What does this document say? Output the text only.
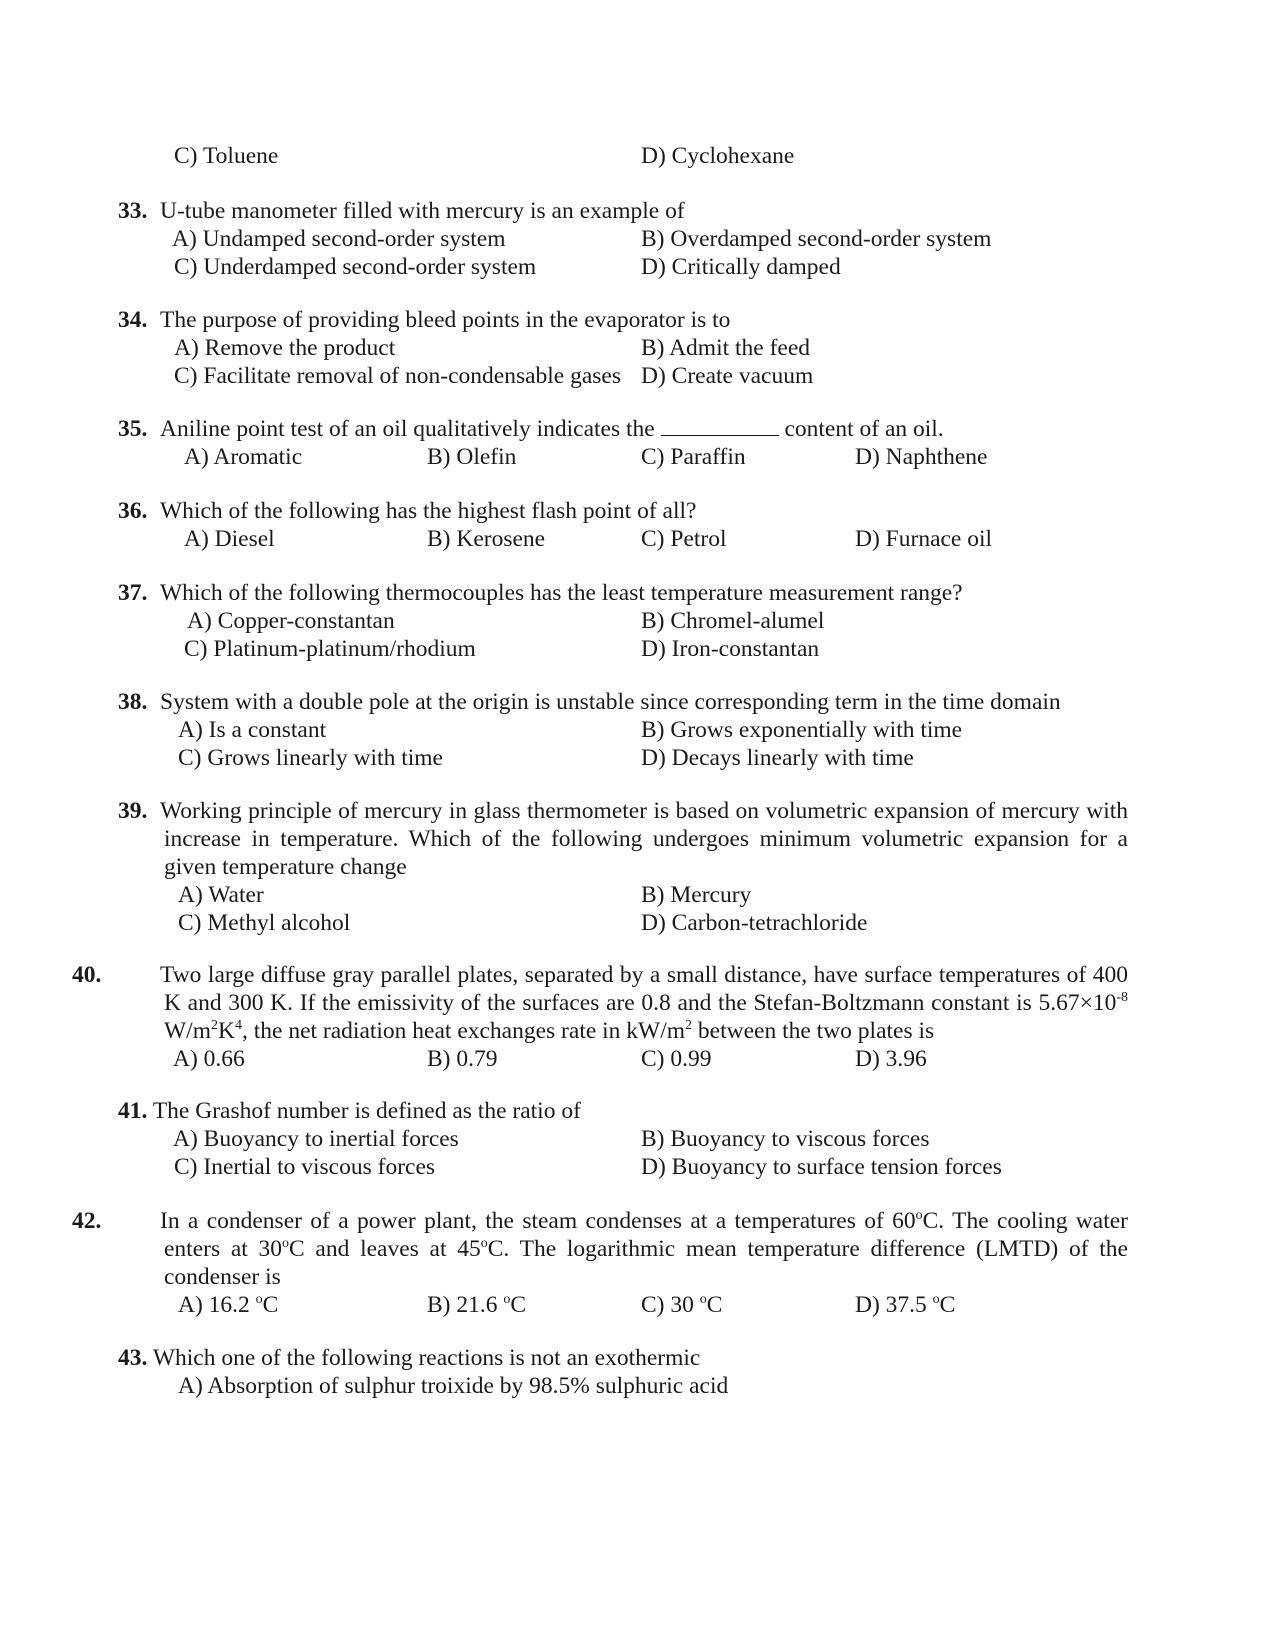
C) Toluene	D) Cyclohexane
33. U-tube manometer filled with mercury is an example of
A) Undamped second-order system	B) Overdamped second-order system
C) Underdamped second-order system	D) Critically damped
34. The purpose of providing bleed points in the evaporator is to
A) Remove the product	B) Admit the feed
C) Facilitate removal of non-condensable gases D) Create vacuum
35. Aniline point test of an oil qualitatively indicates the	content of an oil.
A) Aromatic	B) Olefin	C) Paraffin	D) Naphthene
36. Which of the following has the highest flash point of all?
A) Diesel	B) Kerosene	C) Petrol	D) Furnace oil
37. Which of the following thermocouples has the least temperature measurement range?
A) Copper-constantan	B) Chromel-alumel
C) Platinum-platinum/rhodium	D) Iron-constantan
38. System with a double pole at the origin is unstable since corresponding term in the time domain
A) Is a constant	B) Grows exponentially with time
C) Grows linearly with time	D) Decays linearly with time
39. Working principle of mercury in glass thermometer is based on volumetric expansion of mercury with increase in temperature. Which of the following undergoes minimum volumetric expansion for a given temperature change
A) Water	B) Mercury
C) Methyl alcohol	D) Carbon-tetrachloride
40. Two large diffuse gray parallel plates, separated by a small distance, have surface temperatures of 400 K and 300 K. If the emissivity of the surfaces are 0.8 and the Stefan-Boltzmann constant is $5.67\times 10^{-8}$ $W/m^2K^4$, the net radiation heat exchanges rate in $kW/m^2$ between the two plates is
A) 0.66	B) 0.79	C) 0.99	D) 3.96
41. The Grashof number is defined as the ratio of
A) Buoyancy to inertial forces	B) Buoyancy to viscous forces
C) Inertial to viscous forces	D) Buoyancy to surface tension forces
42. In a condenser of a power plant, the steam condenses at a temperatures of 60$^o$C. The cooling water enters at 30$^o$C and leaves at 45$^o$C. The logarithmic mean temperature difference (LMTD) of the condenser is
A) 16.2 $^o$C	B) 21.6 $^o$C	C) 30 $^o$C	D) 37.5 $^o$C
43. Which one of the following reactions is not an exothermic
A) Absorption of sulphur troixide by 98.5% sulphuric acid
